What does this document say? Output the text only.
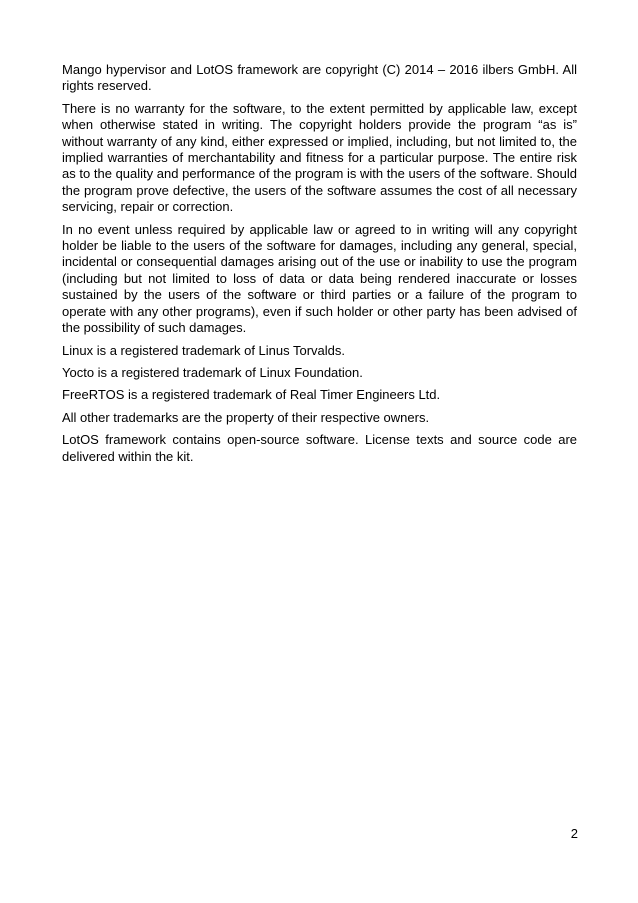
Mango hypervisor and LotOS framework are copyright (C) 2014 – 2016 ilbers GmbH. All rights reserved.

There is no warranty for the software, to the extent permitted by applicable law, except when otherwise stated in writing. The copyright holders provide the program “as is” without warranty of any kind, either expressed or implied, including, but not limited to, the implied warranties of merchantability and fitness for a particular purpose. The entire risk as to the quality and performance of the program is with the users of the software. Should the program prove defective, the users of the software assumes the cost of all necessary servicing, repair or correction.

In no event unless required by applicable law or agreed to in writing will any copyright holder be liable to the users of the software for damages, including any general, special, incidental or consequential damages arising out of the use or inability to use the program (including but not limited to loss of data or data being rendered inaccurate or losses sustained by the users of the software or third parties or a failure of the program to operate with any other programs), even if such holder or other party has been advised of the possibility of such damages.

Linux is a registered trademark of Linus Torvalds.

Yocto is a registered trademark of Linux Foundation.

FreeRTOS is a registered trademark of Real Timer Engineers Ltd.

All other trademarks are the property of their respective owners.

LotOS framework contains open-source software. License texts and source code are delivered within the kit.

2
